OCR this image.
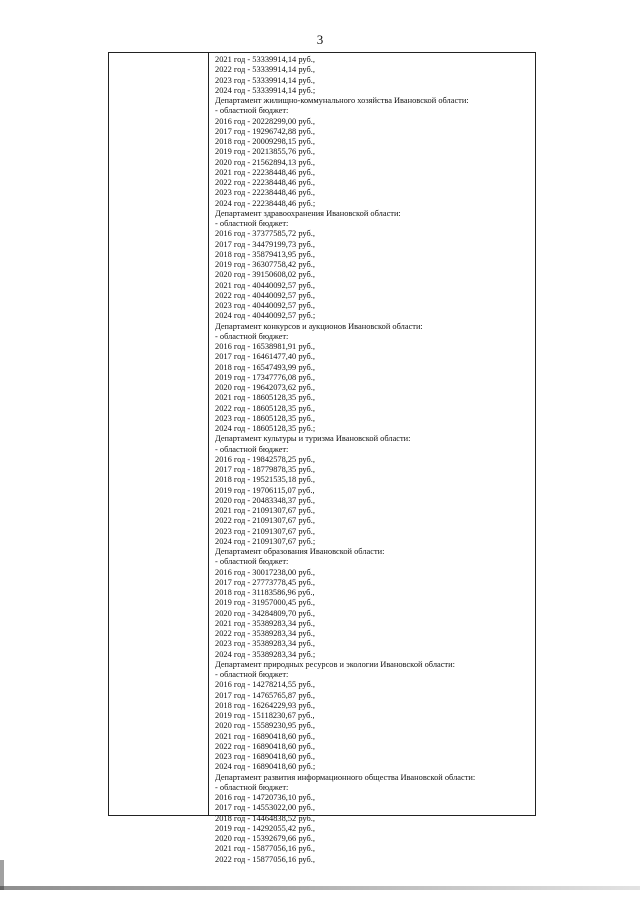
3
2021 год - 53339914,14 руб.,
2022 год - 53339914,14 руб.,
2023 год - 53339914,14 руб.,
2024 год - 53339914,14 руб.;
Департамент жилищно-коммунального хозяйства Ивановской области:
- областной бюджет:
2016 год - 20228299,00 руб.,
2017 год - 19296742,88 руб.,
2018 год - 20009298,15 руб.,
2019 год - 20213855,76 руб.,
2020 год - 21562894,13 руб.,
2021 год - 22238448,46 руб.,
2022 год - 22238448,46 руб.,
2023 год - 22238448,46 руб.,
2024 год - 22238448,46 руб.;
Департамент здравоохранения Ивановской области:
- областной бюджет:
2016 год - 37377585,72 руб.,
2017 год - 34479199,73 руб.,
2018 год - 35879413,95 руб.,
2019 год - 36307758,42 руб.,
2020 год - 39150608,02 руб.,
2021 год - 40440092,57 руб.,
2022 год - 40440092,57 руб.,
2023 год - 40440092,57 руб.,
2024 год - 40440092,57 руб.;
Департамент конкурсов и аукционов Ивановской области:
- областной бюджет:
2016 год - 16538981,91 руб.,
2017 год - 16461477,40 руб.,
2018 год - 16547493,99 руб.,
2019 год - 17347776,08 руб.,
2020 год - 19642073,62 руб.,
2021 год - 18605128,35 руб.,
2022 год - 18605128,35 руб.,
2023 год - 18605128,35 руб.,
2024 год - 18605128,35 руб.;
Департамент культуры и туризма Ивановской области:
- областной бюджет:
2016 год - 19842578,25 руб.,
2017 год - 18779878,35 руб.,
2018 год - 19521535,18 руб.,
2019 год - 19706115,07 руб.,
2020 год - 20483348,37 руб.,
2021 год - 21091307,67 руб.,
2022 год - 21091307,67 руб.,
2023 год - 21091307,67 руб.,
2024 год - 21091307,67 руб.;
Департамент образования Ивановской области:
- областной бюджет:
2016 год - 30017238,00 руб.,
2017 год - 27773778,45 руб.,
2018 год - 31183586,96 руб.,
2019 год - 31957000,45 руб.,
2020 год - 34284809,70 руб.,
2021 год - 35389283,34 руб.,
2022 год - 35389283,34 руб.,
2023 год - 35389283,34 руб.,
2024 год - 35389283,34 руб.;
Департамент природных ресурсов и экологии Ивановской области:
- областной бюджет:
2016 год - 14278214,55 руб.,
2017 год - 14765765,87 руб.,
2018 год - 16264229,93 руб.,
2019 год - 15118230,67 руб.,
2020 год - 15589230,95 руб.,
2021 год - 16890418,60 руб.,
2022 год - 16890418,60 руб.,
2023 год - 16890418,60 руб.,
2024 год - 16890418,60 руб.;
Департамент развития информационного общества Ивановской области:
- областной бюджет:
2016 год - 14720736,10 руб.,
2017 год - 14553022,00 руб.,
2018 год - 14464838,52 руб.,
2019 год - 14292055,42 руб.,
2020 год - 15392679,66 руб.,
2021 год - 15877056,16 руб.,
2022 год - 15877056,16 руб.,
